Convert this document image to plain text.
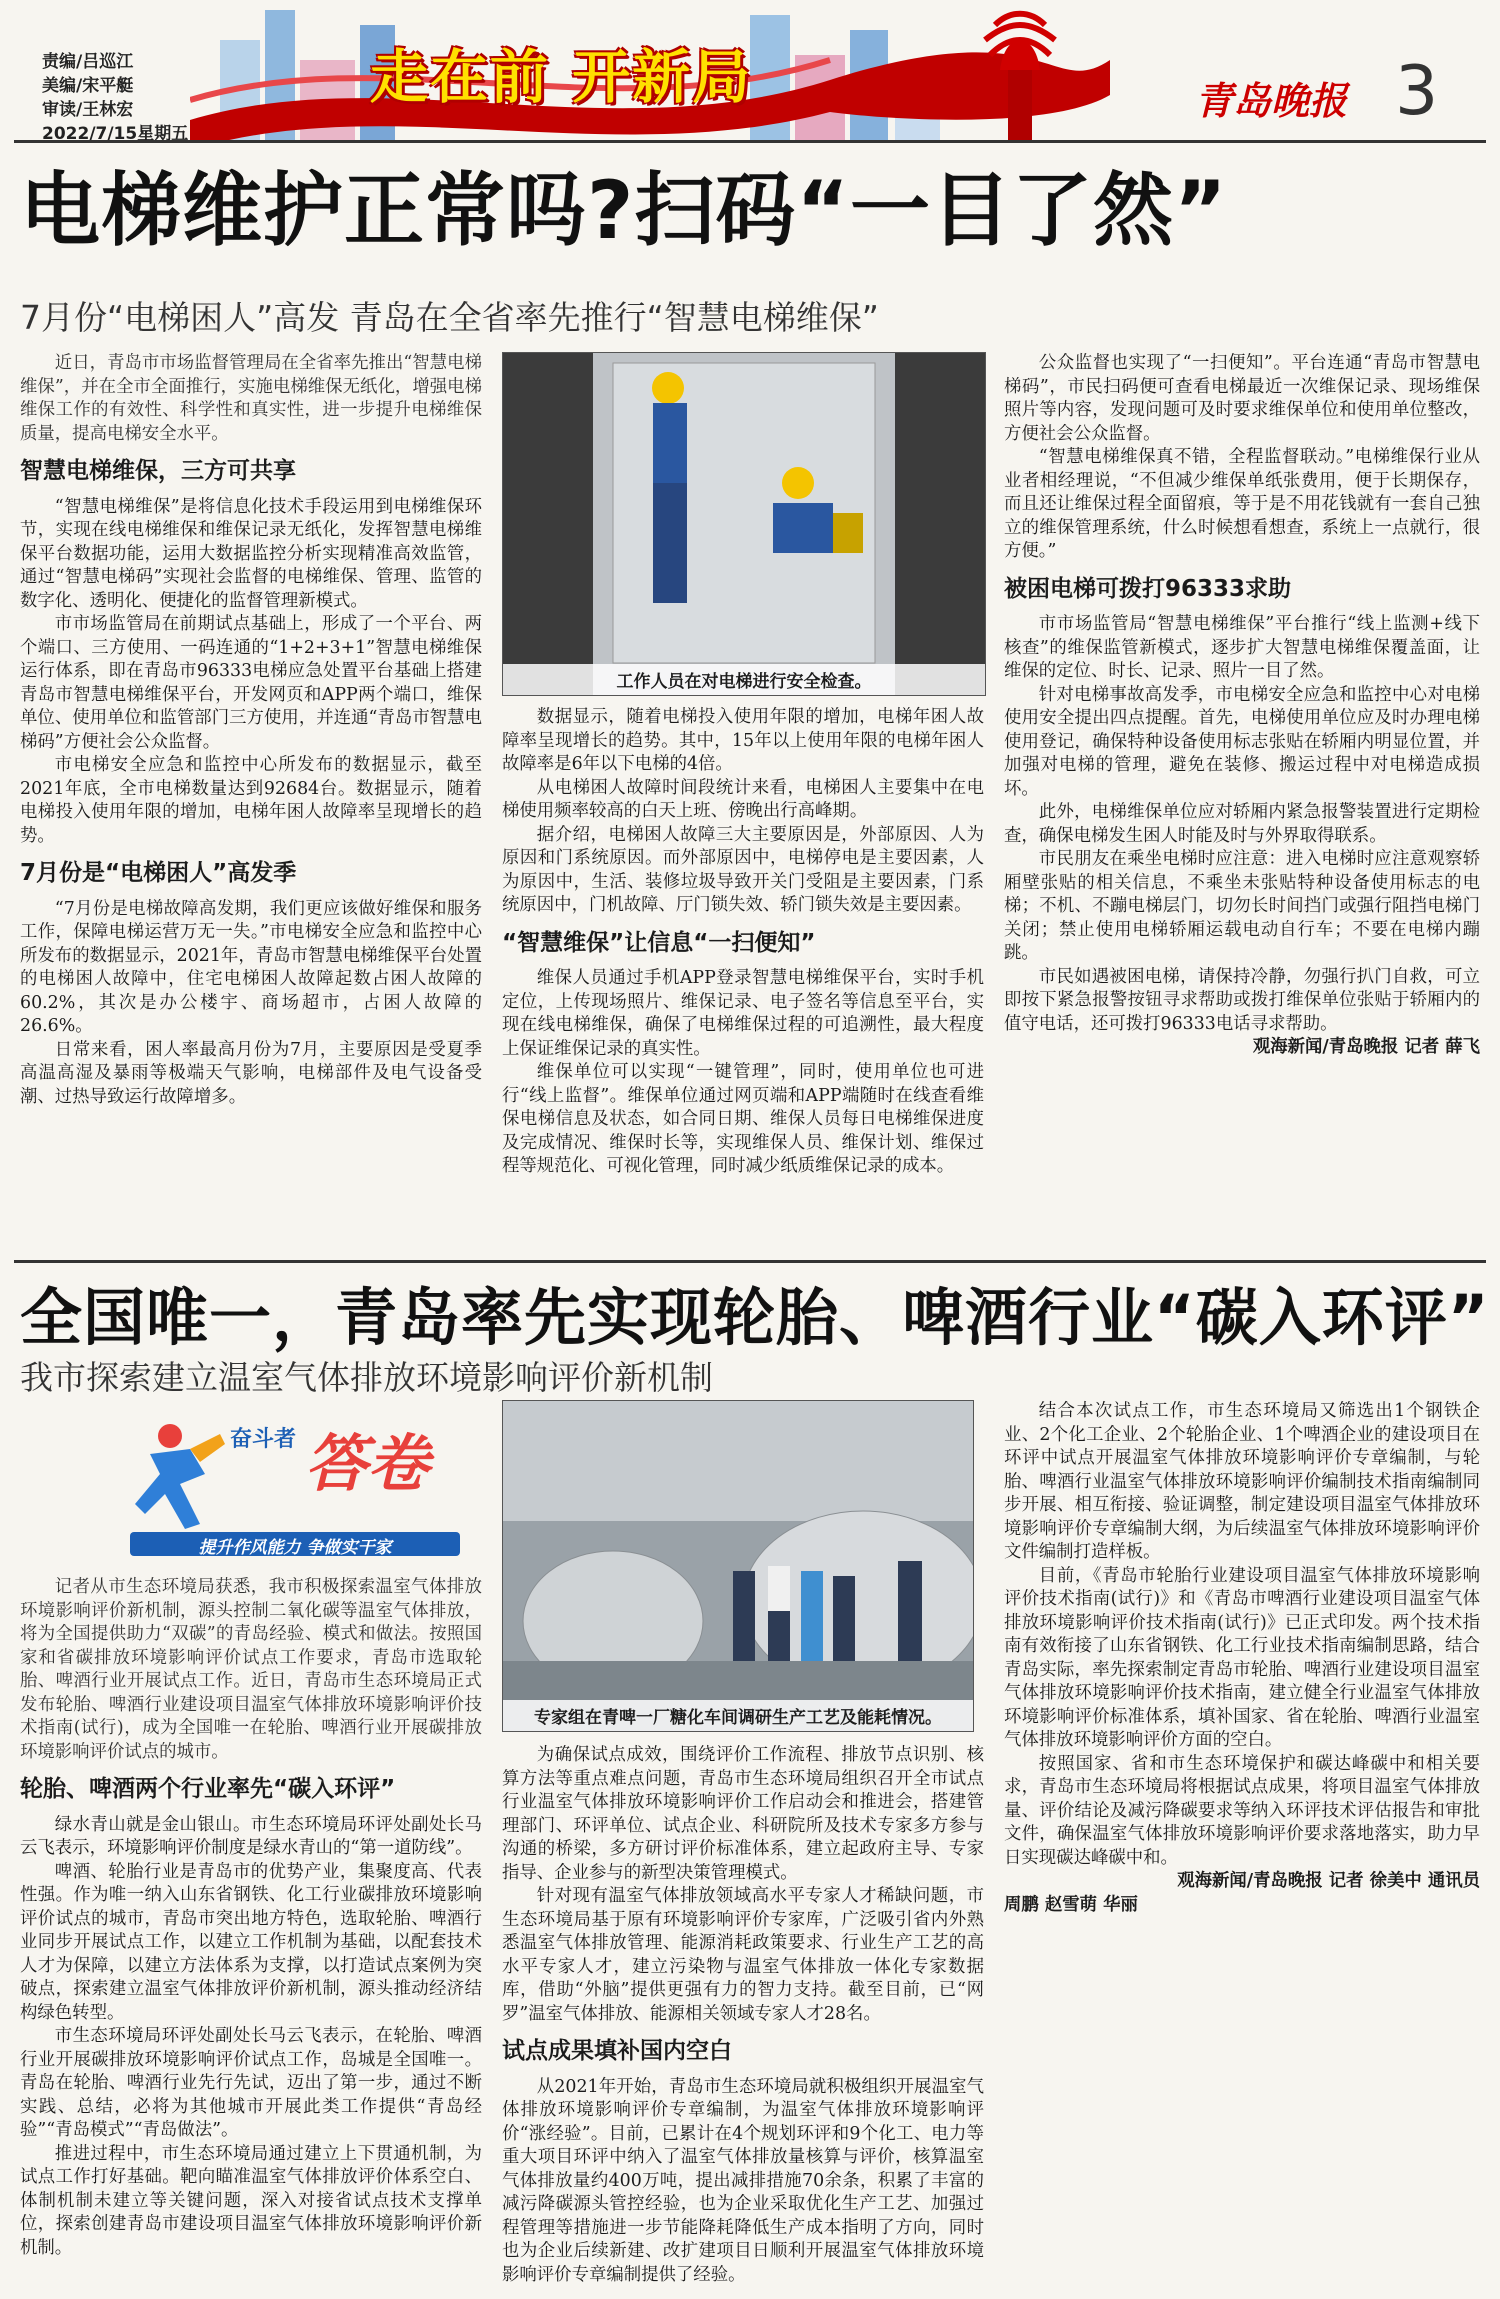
责编/吕巡江
美编/宋平艇
审读/王林宏
2022/7/15星期五
走在前 开新局	青岛晚报 3
电梯维护正常吗?扫码“一目了然”
7月份“电梯困人”高发 青岛在全省率先推行“智慧电梯维保”

近日，青岛市市场监督管理局在全省率先推出“智慧电梯维保”，并在全市全面推行，实施电梯维保无纸化，增强电梯维保工作的有效性、科学性和真实性，进一步提升电梯维保质量，提高电梯安全水平。

智慧电梯维保，三方可共享

“智慧电梯维保”是将信息化技术手段运用到电梯维保环节，实现在线电梯维保和维保记录无纸化，发挥智慧电梯维保平台数据功能，运用大数据监控分析实现精准高效监管，通过“智慧电梯码”实现社会监督的电梯维保、管理、监管的数字化、透明化、便捷化的监督管理新模式。

市市场监管局在前期试点基础上，形成了一个平台、两个端口、三方使用、一码连通的“1+2+3+1”智慧电梯维保运行体系，即在青岛市96333电梯应急处置平台基础上搭建青岛市智慧电梯维保平台，开发网页和APP两个端口，维保单位、使用单位和监管部门三方使用，并连通“青岛市智慧电梯码”方便社会公众监督。

市电梯安全应急和监控中心所发布的数据显示，截至2021年底，全市电梯数量达到92684台。数据显示，随着电梯投入使用年限的增加，电梯年困人故障率呈现增长的趋势。

7月份是“电梯困人”高发季

“7月份是电梯故障高发期，我们更应该做好维保和服务工作，保障电梯运营万无一失。”市电梯安全应急和监控中心所发布的数据显示，2021年，青岛市智慧电梯维保平台处置的电梯困人故障中，住宅电梯困人故障起数占困人故障的60.2%，其次是办公楼宇、商场超市，占困人故障的26.6%。

日常来看，困人率最高月份为7月，主要原因是受夏季高温高湿及暴雨等极端天气影响，电梯部件及电气设备受潮、过热导致运行故障增多。

工作人员在对电梯进行安全检查。

数据显示，随着电梯投入使用年限的增加，电梯年困人故障率呈现增长的趋势。其中，15年以上使用年限的电梯年困人故障率是6年以下电梯的4倍。

从电梯困人故障时间段统计来看，电梯困人主要集中在电梯使用频率较高的白天上班、傍晚出行高峰期。

据介绍，电梯困人故障三大主要原因是，外部原因、人为原因和门系统原因。而外部原因中，电梯停电是主要因素，人为原因中，生活、装修垃圾导致开关门受阻是主要因素，门系统原因中，门机故障、厅门锁失效、轿门锁失效是主要因素。

“智慧维保”让信息“一扫便知”

维保人员通过手机APP登录智慧电梯维保平台，实时手机定位，上传现场照片、维保记录、电子签名等信息至平台，实现在线电梯维保，确保了电梯维保过程的可追溯性，最大程度上保证维保记录的真实性。

维保单位可以实现“一键管理”，同时，使用单位也可进行“线上监督”。维保单位通过网页端和APP端随时在线查看维保电梯信息及状态，如合同日期、维保人员每日电梯维保进度及完成情况、维保时长等，实现维保人员、维保计划、维保过程等规范化、可视化管理，同时减少纸质维保记录的成本。

公众监督也实现了“一扫便知”。平台连通“青岛市智慧电梯码”，市民扫码便可查看电梯最近一次维保记录、现场维保照片等内容，发现问题可及时要求维保单位和使用单位整改，方便社会公众监督。

“智慧电梯维保真不错，全程监督联动。”电梯维保行业从业者相经理说，“不但减少维保单纸张费用，便于长期保存，而且还让维保过程全面留痕，等于是不用花钱就有一套自己独立的维保管理系统，什么时候想看想查，系统上一点就行，很方便。”

被困电梯可拨打96333求助

市市场监管局“智慧电梯维保”平台推行“线上监测+线下核查”的维保监管新模式，逐步扩大智慧电梯维保覆盖面，让维保的定位、时长、记录、照片一目了然。

针对电梯事故高发季，市电梯安全应急和监控中心对电梯使用安全提出四点提醒。首先，电梯使用单位应及时办理电梯使用登记，确保特种设备使用标志张贴在轿厢内明显位置，并加强对电梯的管理，避免在装修、搬运过程中对电梯造成损坏。

此外，电梯维保单位应对轿厢内紧急报警装置进行定期检查，确保电梯发生困人时能及时与外界取得联系。

市民朋友在乘坐电梯时应注意：进入电梯时应注意观察轿厢壁张贴的相关信息，不乘坐未张贴特种设备使用标志的电梯；不机、不蹦电梯层门，切勿长时间挡门或强行阻挡电梯门关闭；禁止使用电梯轿厢运载电动自行车；不要在电梯内蹦跳。

市民如遇被困电梯，请保持冷静，勿强行扒门自救，可立即按下紧急报警按钮寻求帮助或拨打维保单位张贴于轿厢内的值守电话，还可拨打96333电话寻求帮助。

观海新闻/青岛晚报 记者 薛飞
全国唯一，青岛率先实现轮胎、啤酒行业“碳入环评”
我市探索建立温室气体排放环境影响评价新机制
奋斗者 答卷
提升作风能力 争做实干家

记者从市生态环境局获悉，我市积极探索温室气体排放环境影响评价新机制，源头控制二氧化碳等温室气体排放，将为全国提供助力“双碳”的青岛经验、模式和做法。按照国家和省碳排放环境影响评价试点工作要求，青岛市选取轮胎、啤酒行业开展试点工作。近日，青岛市生态环境局正式发布轮胎、啤酒行业建设项目温室气体排放环境影响评价技术指南(试行)，成为全国唯一在轮胎、啤酒行业开展碳排放环境影响评价试点的城市。

轮胎、啤酒两个行业率先“碳入环评”

绿水青山就是金山银山。市生态环境局环评处副处长马云飞表示，环境影响评价制度是绿水青山的“第一道防线”。

啤酒、轮胎行业是青岛市的优势产业，集聚度高、代表性强。作为唯一纳入山东省钢铁、化工行业碳排放环境影响评价试点的城市，青岛市突出地方特色，选取轮胎、啤酒行业同步开展试点工作，以建立工作机制为基础，以配套技术人才为保障，以建立方法体系为支撑，以打造试点案例为突破点，探索建立温室气体排放评价新机制，源头推动经济结构绿色转型。

市生态环境局环评处副处长马云飞表示，在轮胎、啤酒行业开展碳排放环境影响评价试点工作，岛城是全国唯一。青岛在轮胎、啤酒行业先行先试，迈出了第一步，通过不断实践、总结，必将为其他城市开展此类工作提供“青岛经验”“青岛模式”“青岛做法”。

推进过程中，市生态环境局通过建立上下贯通机制，为试点工作打好基础。靶向瞄准温室气体排放评价体系空白、体制机制未建立等关键问题，深入对接省试点技术支撑单位，探索创建青岛市建设项目温室气体排放环境影响评价新机制。

专家组在青啤一厂糖化车间调研生产工艺及能耗情况。

为确保试点成效，围绕评价工作流程、排放节点识别、核算方法等重点难点问题，青岛市生态环境局组织召开全市试点行业温室气体排放环境影响评价工作启动会和推进会，搭建管理部门、环评单位、试点企业、科研院所及技术专家多方参与沟通的桥梁，多方研讨评价标准体系，建立起政府主导、专家指导、企业参与的新型决策管理模式。

针对现有温室气体排放领域高水平专家人才稀缺问题，市生态环境局基于原有环境影响评价专家库，广泛吸引省内外熟悉温室气体排放管理、能源消耗政策要求、行业生产工艺的高水平专家人才，建立污染物与温室气体排放一体化专家数据库，借助“外脑”提供更强有力的智力支持。截至目前，已“网罗”温室气体排放、能源相关领域专家人才28名。

试点成果填补国内空白

从2021年开始，青岛市生态环境局就积极组织开展温室气体排放环境影响评价专章编制，为温室气体排放环境影响评价“涨经验”。目前，已累计在4个规划环评和9个化工、电力等重大项目环评中纳入了温室气体排放量核算与评价，核算温室气体排放量约400万吨，提出减排措施70余条，积累了丰富的减污降碳源头管控经验，也为企业采取优化生产工艺、加强过程管理等措施进一步节能降耗降低生产成本指明了方向，同时也为企业后续新建、改扩建项目日顺利开展温室气体排放环境影响评价专章编制提供了经验。

结合本次试点工作，市生态环境局又筛选出1个钢铁企业、2个化工企业、2个轮胎企业、1个啤酒企业的建设项目在环评中试点开展温室气体排放环境影响评价专章编制，与轮胎、啤酒行业温室气体排放环境影响评价编制技术指南编制同步开展、相互衔接、验证调整，制定建设项目温室气体排放环境影响评价专章编制大纲，为后续温室气体排放环境影响评价文件编制打造样板。

目前，《青岛市轮胎行业建设项目温室气体排放环境影响评价技术指南(试行)》和《青岛市啤酒行业建设项目温室气体排放环境影响评价技术指南(试行)》已正式印发。两个技术指南有效衔接了山东省钢铁、化工行业技术指南编制思路，结合青岛实际，率先探索制定青岛市轮胎、啤酒行业建设项目温室气体排放环境影响评价技术指南，建立健全行业温室气体排放环境影响评价标准体系，填补国家、省在轮胎、啤酒行业温室气体排放环境影响评价方面的空白。

按照国家、省和市生态环境保护和碳达峰碳中和相关要求，青岛市生态环境局将根据试点成果，将项目温室气体排放量、评价结论及减污降碳要求等纳入环评技术评估报告和审批文件，确保温室气体排放环境影响评价要求落地落实，助力早日实现碳达峰碳中和。

观海新闻/青岛晚报 记者 徐美中 通讯员
周鹏 赵雪萌 华丽
